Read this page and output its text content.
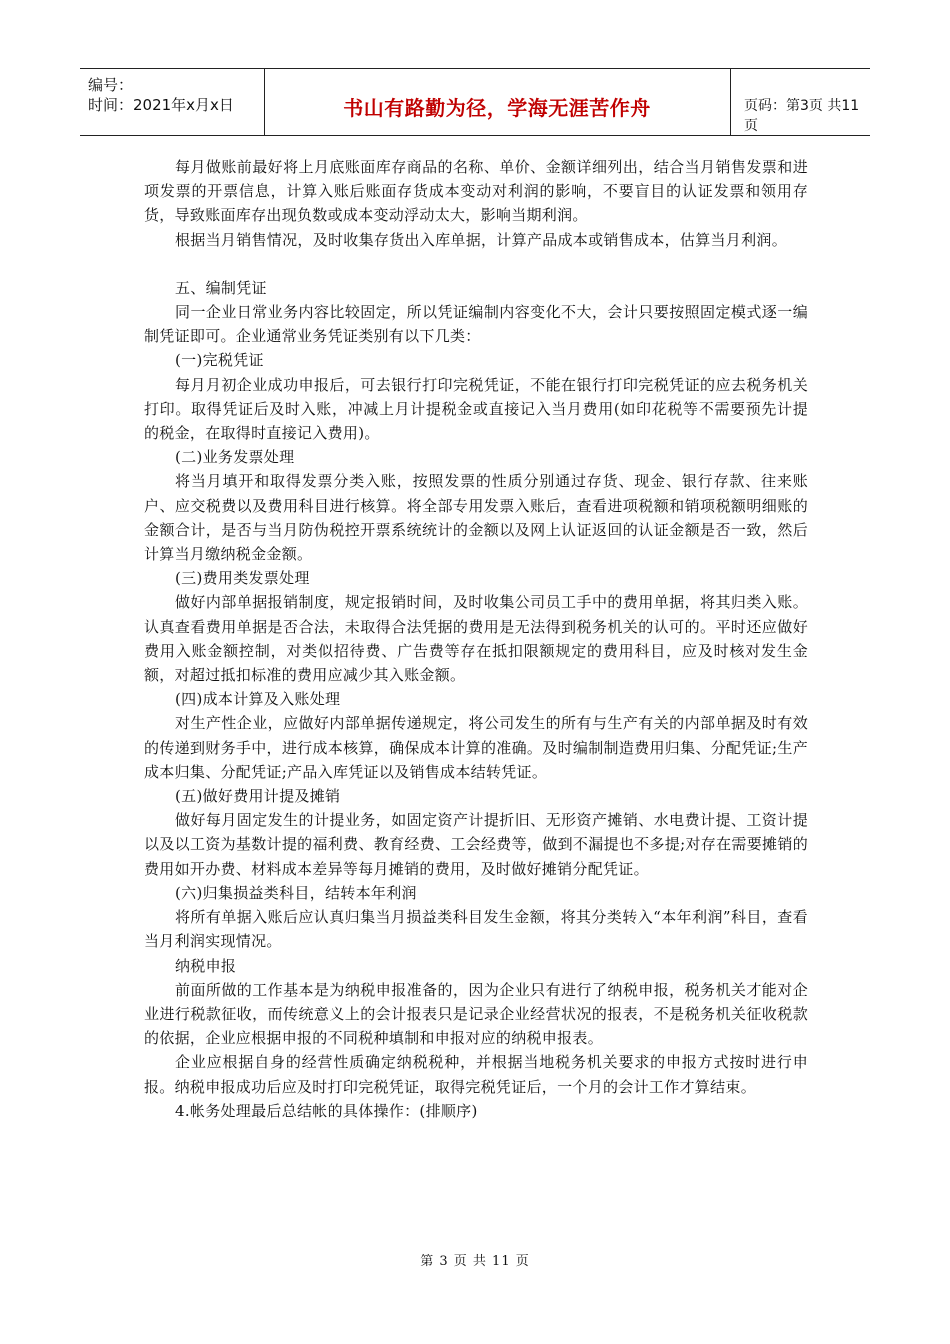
编号：
时间：2021年x月x日	书山有路勤为径，学海无涯苦作舟	页码：第3页 共11页

每月做账前最好将上月底账面库存商品的名称、单价、金额详细列出，结合当月销售发票和进项发票的开票信息，计算入账后账面存货成本变动对利润的影响，不要盲目的认证发票和领用存货，导致账面库存出现负数或成本变动浮动太大，影响当期利润。

根据当月销售情况，及时收集存货出入库单据，计算产品成本或销售成本，估算当月利润。

五、编制凭证

同一企业日常业务内容比较固定，所以凭证编制内容变化不大，会计只要按照固定模式逐一编制凭证即可。企业通常业务凭证类别有以下几类：

(一)完税凭证

每月月初企业成功申报后，可去银行打印完税凭证，不能在银行打印完税凭证的应去税务机关打印。取得凭证后及时入账，冲减上月计提税金或直接记入当月费用(如印花税等不需要预先计提的税金，在取得时直接记入费用)。

(二)业务发票处理

将当月填开和取得发票分类入账，按照发票的性质分别通过存货、现金、银行存款、往来账户、应交税费以及费用科目进行核算。将全部专用发票入账后，查看进项税额和销项税额明细账的金额合计，是否与当月防伪税控开票系统统计的金额以及网上认证返回的认证金额是否一致，然后计算当月缴纳税金金额。

(三)费用类发票处理

做好内部单据报销制度，规定报销时间，及时收集公司员工手中的费用单据，将其归类入账。认真查看费用单据是否合法，未取得合法凭据的费用是无法得到税务机关的认可的。平时还应做好费用入账金额控制，对类似招待费、广告费等存在抵扣限额规定的费用科目，应及时核对发生金额，对超过抵扣标准的费用应减少其入账金额。

(四)成本计算及入账处理

对生产性企业，应做好内部单据传递规定，将公司发生的所有与生产有关的内部单据及时有效的传递到财务手中，进行成本核算，确保成本计算的准确。及时编制制造费用归集、分配凭证;生产成本归集、分配凭证;产品入库凭证以及销售成本结转凭证。

(五)做好费用计提及摊销

做好每月固定发生的计提业务，如固定资产计提折旧、无形资产摊销、水电费计提、工资计提以及以工资为基数计提的福利费、教育经费、工会经费等，做到不漏提也不多提;对存在需要摊销的费用如开办费、材料成本差异等每月摊销的费用，及时做好摊销分配凭证。

(六)归集损益类科目，结转本年利润

将所有单据入账后应认真归集当月损益类科目发生金额，将其分类转入“本年利润”科目，查看当月利润实现情况。

纳税申报

前面所做的工作基本是为纳税申报准备的，因为企业只有进行了纳税申报，税务机关才能对企业进行税款征收，而传统意义上的会计报表只是记录企业经营状况的报表，不是税务机关征收税款的依据，企业应根据申报的不同税种填制和申报对应的纳税申报表。

企业应根据自身的经营性质确定纳税税种，并根据当地税务机关要求的申报方式按时进行申报。纳税申报成功后应及时打印完税凭证，取得完税凭证后，一个月的会计工作才算结束。

4.帐务处理最后总结帐的具体操作：(排顺序)

第 3 页 共 11 页
